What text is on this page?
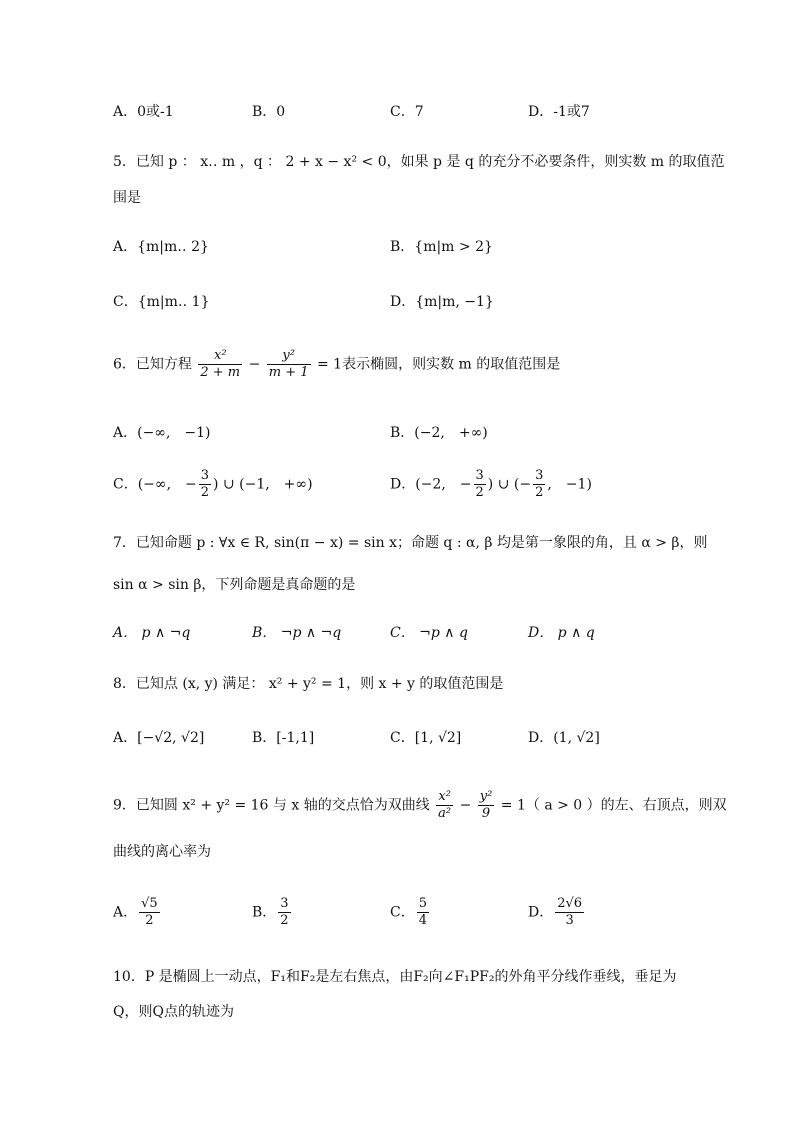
A．0或-1	B．0	C．7	D．-1或7
5．已知 p ： x‥ m ，q ： 2 + x − x² < 0，如果 p 是 q 的充分不必要条件，则实数 m 的取值范
围是
A．{m|m‥ 2}	B．{m|m > 2}
C．{m|m‥ 1}	D．{m|m‚ −1}
6．已知方程 $\frac{\text{x²}}{2 + m} - \frac{\text{y²}}{m + 1} = 1$表示椭圆，则实数 m 的取值范围是
A．(−∞,　−1)	B．(−2,　+∞)
C．(−∞,　− $\frac{3}{2}$ ) ∪ (−1,　+∞)	D．(−2,　− $\frac{3}{2}$ ) ∪ (− $\frac{3}{2}$ ,　−1)
7．已知命题 p : ∀x ∈ R, sin(π − x) = sin x；命题 q : α, β 均是第一象限的角，且 α > β，则
sin α > sin β，下列命题是真命题的是
A． p ∧ ¬q	B． ¬p ∧ ¬q	C． ¬p ∧ q	D． p ∧ q
8．已知点 (x, y) 满足： x² + y² = 1，则 x + y 的取值范围是
A．[−√2, √2]	B．[-1,1]	C．[1, √2]	D．(1, √2]
9．已知圆 x² + y² = 16 与 x 轴的交点恰为双曲线 $\frac{\text{x²}}{\text{a²}} - \frac{\text{y²}}{9} = 1$（ a > 0 ）的左、右顶点，则双
曲线的离心率为
A． $\frac{√5}{2}$	B． $\frac{3}{2}$	C． $\frac{5}{4}$	D． $\frac{2√6}{3}$
10．P 是椭圆上一动点，F₁和F₂是左右焦点，由F₂向∠F₁PF₂的外角平分线作垂线，垂足为
Q，则Q点的轨迹为
